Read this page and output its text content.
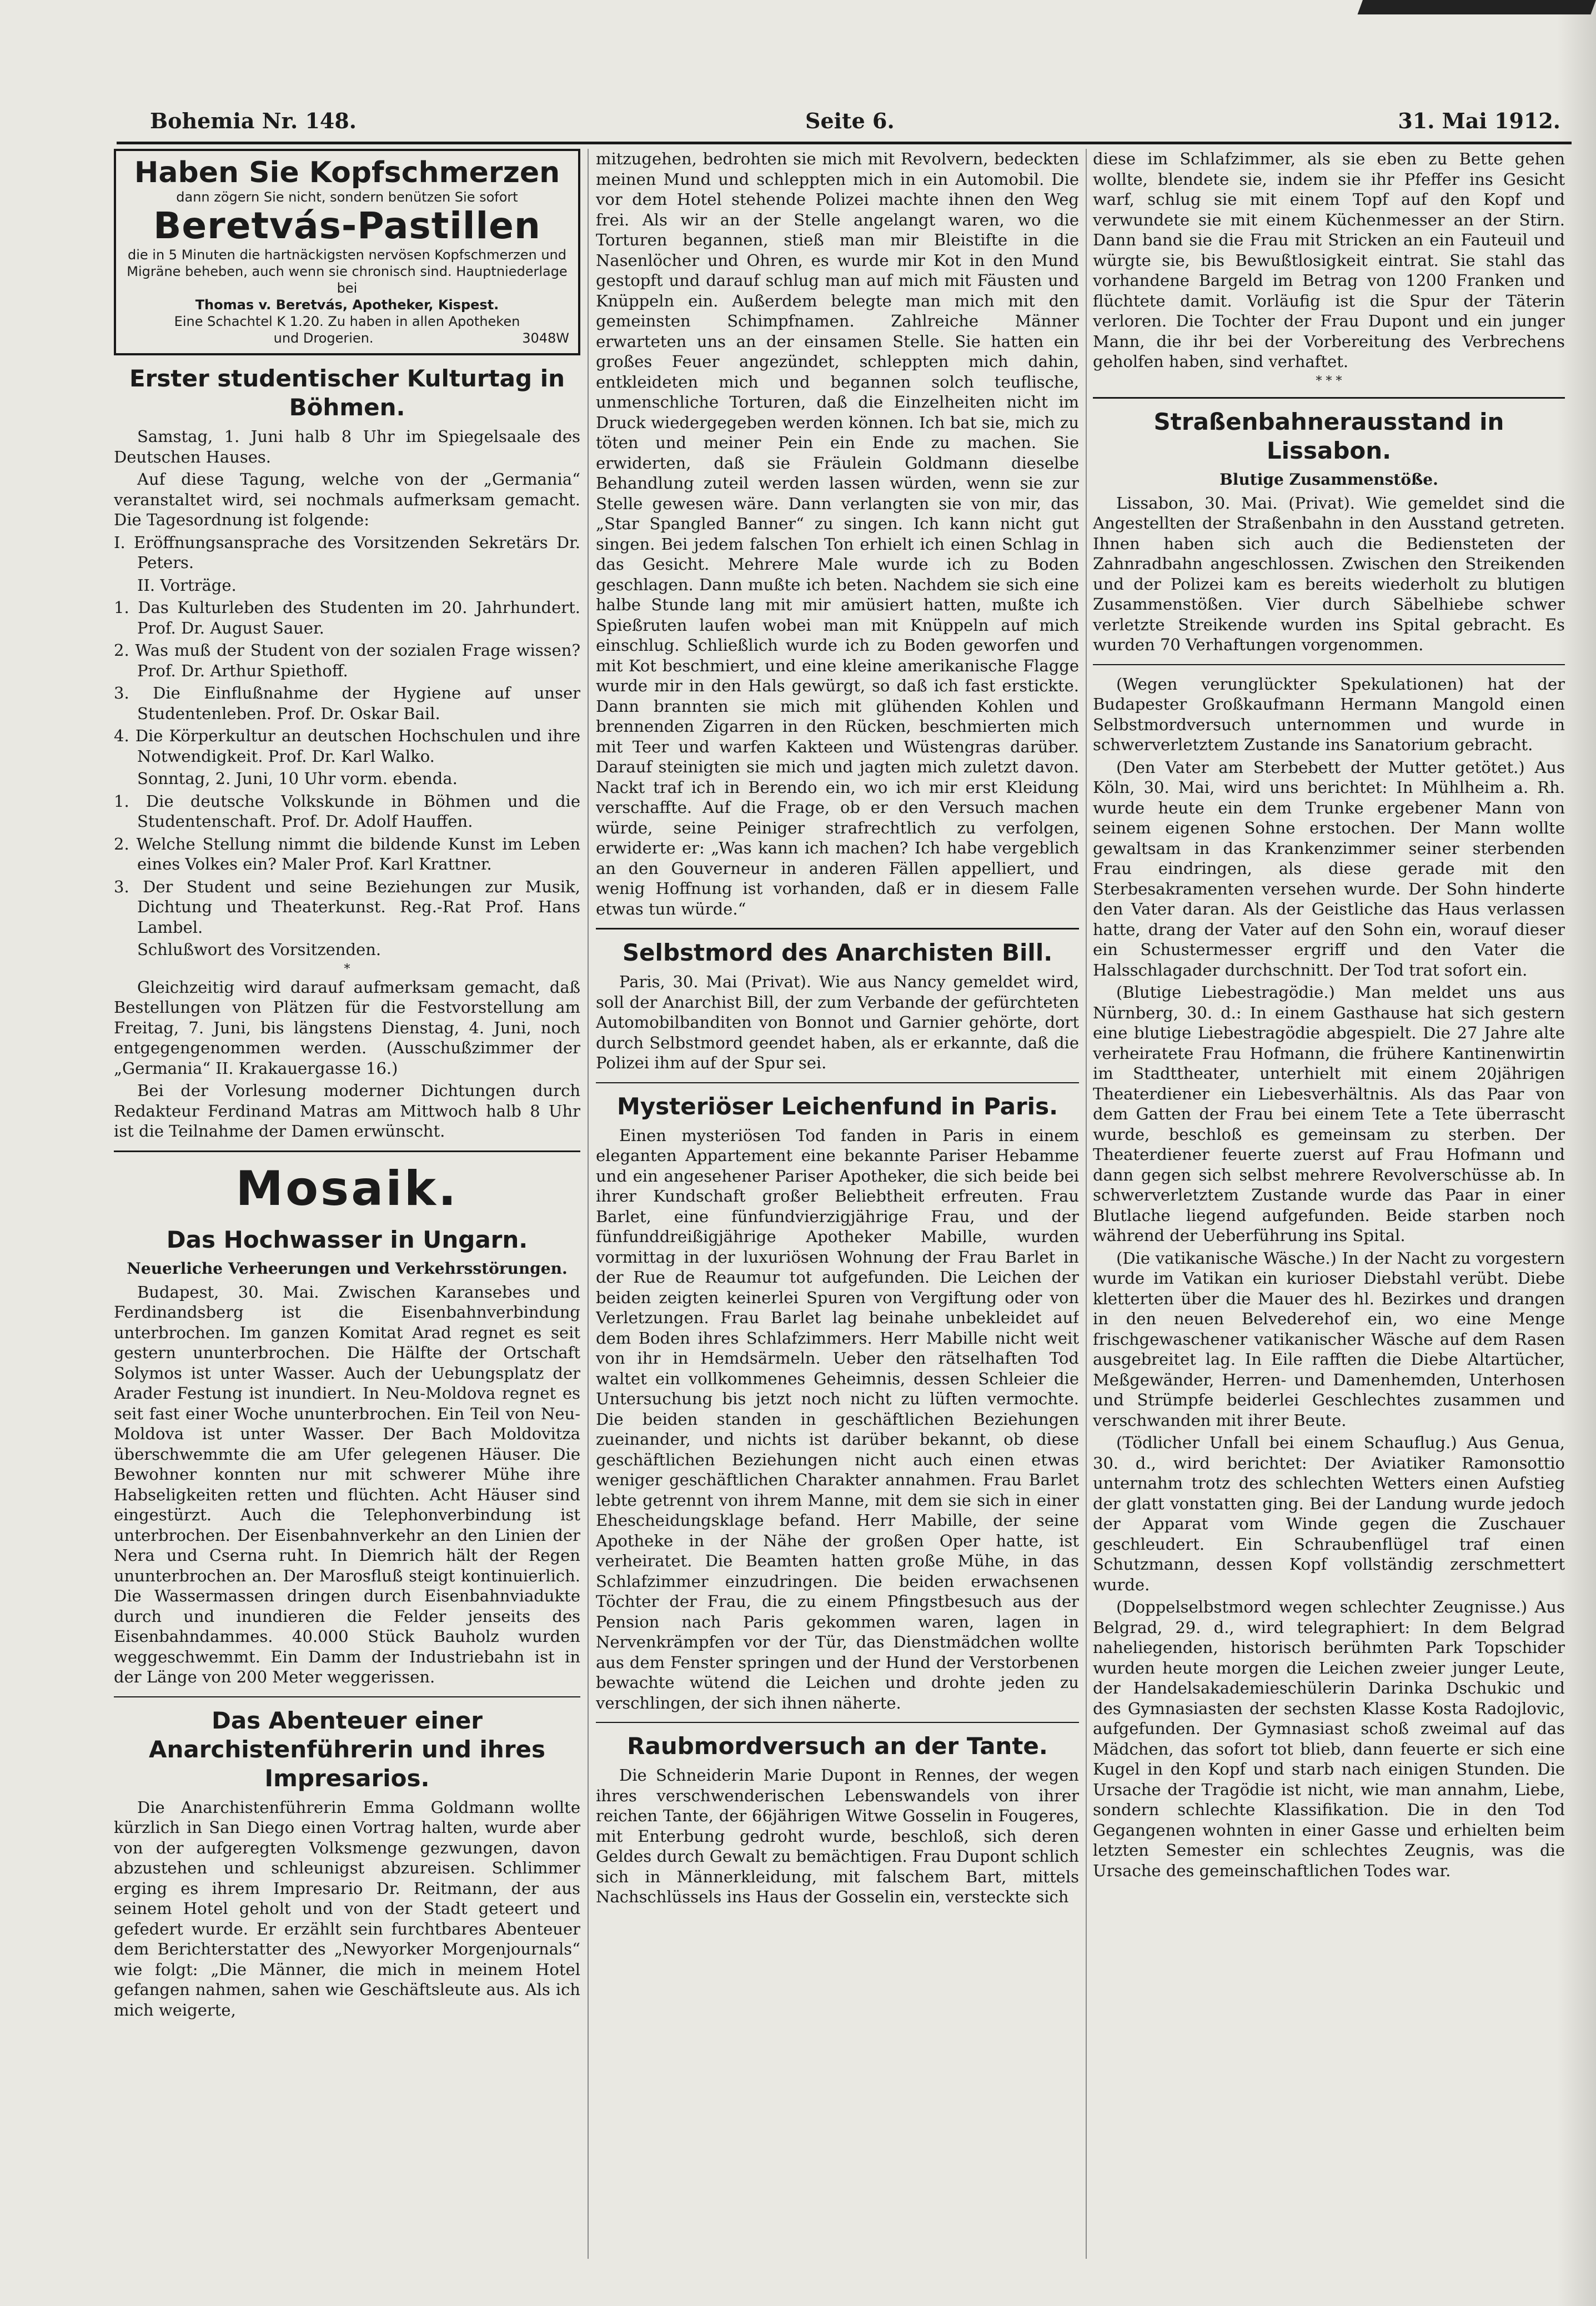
Bohemia Nr. 148.	Seite 6.	31. Mai 1912.
Haben Sie Kopfschmerzen
dann zögern Sie nicht, sondern benützen Sie sofort
Beretvás-Pastillen
die in 5 Minuten die hartnäckigsten nervösen Kopfschmerzen und Migräne beheben, auch wenn sie chronisch sind. Hauptniederlage bei
Thomas v. Beretvás, Apotheker, Kispest.
Eine Schachtel K 1.20. Zu haben in allen Apotheken
und Drogerien.	3048W
Erster studentischer Kulturtag in Böhmen.

Samstag, 1. Juni halb 8 Uhr im Spiegelsaale des Deutschen Hauses.

Auf diese Tagung, welche von der „Germania“ veranstaltet wird, sei nochmals aufmerksam gemacht. Die Tagesordnung ist folgende:

I. Eröffnungsansprache des Vorsitzenden Sekretärs Dr. Peters.

II. Vorträge.

1. Das Kulturleben des Studenten im 20. Jahrhundert. Prof. Dr. August Sauer.

2. Was muß der Student von der sozialen Frage wissen? Prof. Dr. Arthur Spiethoff.

3. Die Einflußnahme der Hygiene auf unser Studentenleben. Prof. Dr. Oskar Bail.

4. Die Körperkultur an deutschen Hochschulen und ihre Notwendigkeit. Prof. Dr. Karl Walko.

Sonntag, 2. Juni, 10 Uhr vorm. ebenda.

1. Die deutsche Volkskunde in Böhmen und die Studentenschaft. Prof. Dr. Adolf Hauffen.

2. Welche Stellung nimmt die bildende Kunst im Leben eines Volkes ein? Maler Prof. Karl Krattner.

3. Der Student und seine Beziehungen zur Musik, Dichtung und Theaterkunst. Reg.-Rat Prof. Hans Lambel.

Schlußwort des Vorsitzenden.

*

Gleichzeitig wird darauf aufmerksam gemacht, daß Bestellungen von Plätzen für die Festvorstellung am Freitag, 7. Juni, bis längstens Dienstag, 4. Juni, noch entgegengenommen werden. (Ausschußzimmer der „Germania“ II. Krakauergasse 16.)

Bei der Vorlesung moderner Dichtungen durch Redakteur Ferdinand Matras am Mittwoch halb 8 Uhr ist die Teilnahme der Damen erwünscht.

Mosaik.
Das Hochwasser in Ungarn.
Neuerliche Verheerungen und Verkehrsstörungen.

Budapest, 30. Mai. Zwischen Karansebes und Ferdinandsberg ist die Eisenbahnverbindung unterbrochen. Im ganzen Komitat Arad regnet es seit gestern ununterbrochen. Die Hälfte der Ortschaft Solymos ist unter Wasser. Auch der Uebungsplatz der Arader Festung ist inundiert. In Neu-Moldova regnet es seit fast einer Woche ununterbrochen. Ein Teil von Neu-Moldova ist unter Wasser. Der Bach Moldovitza überschwemmte die am Ufer gelegenen Häuser. Die Bewohner konnten nur mit schwerer Mühe ihre Habseligkeiten retten und flüchten. Acht Häuser sind eingestürzt. Auch die Telephonverbindung ist unterbrochen. Der Eisenbahnverkehr an den Linien der Nera und Cserna ruht. In Diemrich hält der Regen ununterbrochen an. Der Marosfluß steigt kontinuierlich. Die Wassermassen dringen durch Eisenbahnviadukte durch und inundieren die Felder jenseits des Eisenbahndammes. 40.000 Stück Bauholz wurden weggeschwemmt. Ein Damm der Industriebahn ist in der Länge von 200 Meter weggerissen.

Das Abenteuer einer Anarchistenführerin und ihres Impresarios.

Die Anarchistenführerin Emma Goldmann wollte kürzlich in San Diego einen Vortrag halten, wurde aber von der aufgeregten Volksmenge gezwungen, davon abzustehen und schleunigst abzureisen. Schlimmer erging es ihrem Impresario Dr. Reitmann, der aus seinem Hotel geholt und von der Stadt geteert und gefedert wurde. Er erzählt sein furchtbares Abenteuer dem Berichterstatter des „Newyorker Morgenjournals“ wie folgt: „Die Männer, die mich in meinem Hotel gefangen nahmen, sahen wie Geschäftsleute aus. Als ich mich weigerte,

mitzugehen, bedrohten sie mich mit Revolvern, bedeckten meinen Mund und schleppten mich in ein Automobil. Die vor dem Hotel stehende Polizei machte ihnen den Weg frei. Als wir an der Stelle angelangt waren, wo die Torturen begannen, stieß man mir Bleistifte in die Nasenlöcher und Ohren, es wurde mir Kot in den Mund gestopft und darauf schlug man auf mich mit Fäusten und Knüppeln ein. Außerdem belegte man mich mit den gemeinsten Schimpfnamen. Zahlreiche Männer erwarteten uns an der einsamen Stelle. Sie hatten ein großes Feuer angezündet, schleppten mich dahin, entkleideten mich und begannen solch teuflische, unmenschliche Torturen, daß die Einzelheiten nicht im Druck wiedergegeben werden können. Ich bat sie, mich zu töten und meiner Pein ein Ende zu machen. Sie erwiderten, daß sie Fräulein Goldmann dieselbe Behandlung zuteil werden lassen würden, wenn sie zur Stelle gewesen wäre. Dann verlangten sie von mir, das „Star Spangled Banner“ zu singen. Ich kann nicht gut singen. Bei jedem falschen Ton erhielt ich einen Schlag in das Gesicht. Mehrere Male wurde ich zu Boden geschlagen. Dann mußte ich beten. Nachdem sie sich eine halbe Stunde lang mit mir amüsiert hatten, mußte ich Spießruten laufen wobei man mit Knüppeln auf mich einschlug. Schließlich wurde ich zu Boden geworfen und mit Kot beschmiert, und eine kleine amerikanische Flagge wurde mir in den Hals gewürgt, so daß ich fast erstickte. Dann brannten sie mich mit glühenden Kohlen und brennenden Zigarren in den Rücken, beschmierten mich mit Teer und warfen Kakteen und Wüstengras darüber. Darauf steinigten sie mich und jagten mich zuletzt davon. Nackt traf ich in Berendo ein, wo ich mir erst Kleidung verschaffte. Auf die Frage, ob er den Versuch machen würde, seine Peiniger strafrechtlich zu verfolgen, erwiderte er: „Was kann ich machen? Ich habe vergeblich an den Gouverneur in anderen Fällen appelliert, und wenig Hoffnung ist vorhanden, daß er in diesem Falle etwas tun würde.“

Selbstmord des Anarchisten Bill.

Paris, 30. Mai (Privat). Wie aus Nancy gemeldet wird, soll der Anarchist Bill, der zum Verbande der gefürchteten Automobilbanditen von Bonnot und Garnier gehörte, dort durch Selbstmord geendet haben, als er erkannte, daß die Polizei ihm auf der Spur sei.

Mysteriöser Leichenfund in Paris.

Einen mysteriösen Tod fanden in Paris in einem eleganten Appartement eine bekannte Pariser Hebamme und ein angesehener Pariser Apotheker, die sich beide bei ihrer Kundschaft großer Beliebtheit erfreuten. Frau Barlet, eine fünfundvierzigjährige Frau, und der fünfunddreißigjährige Apotheker Mabille, wurden vormittag in der luxuriösen Wohnung der Frau Barlet in der Rue de Reaumur tot aufgefunden. Die Leichen der beiden zeigten keinerlei Spuren von Vergiftung oder von Verletzungen. Frau Barlet lag beinahe unbekleidet auf dem Boden ihres Schlafzimmers. Herr Mabille nicht weit von ihr in Hemdsärmeln. Ueber den rätselhaften Tod waltet ein vollkommenes Geheimnis, dessen Schleier die Untersuchung bis jetzt noch nicht zu lüften vermochte. Die beiden standen in geschäftlichen Beziehungen zueinander, und nichts ist darüber bekannt, ob diese geschäftlichen Beziehungen nicht auch einen etwas weniger geschäftlichen Charakter annahmen. Frau Barlet lebte getrennt von ihrem Manne, mit dem sie sich in einer Ehescheidungsklage befand. Herr Mabille, der seine Apotheke in der Nähe der großen Oper hatte, ist verheiratet. Die Beamten hatten große Mühe, in das Schlafzimmer einzudringen. Die beiden erwachsenen Töchter der Frau, die zu einem Pfingstbesuch aus der Pension nach Paris gekommen waren, lagen in Nervenkrämpfen vor der Tür, das Dienstmädchen wollte aus dem Fenster springen und der Hund der Verstorbenen bewachte wütend die Leichen und drohte jeden zu verschlingen, der sich ihnen näherte.

Raubmordversuch an der Tante.

Die Schneiderin Marie Dupont in Rennes, der wegen ihres verschwenderischen Lebenswandels von ihrer reichen Tante, der 66jährigen Witwe Gosselin in Fougeres, mit Enterbung gedroht wurde, beschloß, sich deren Geldes durch Gewalt zu bemächtigen. Frau Dupont schlich sich in Männerkleidung, mit falschem Bart, mittels Nachschlüssels ins Haus der Gosselin ein, versteckte sich

diese im Schlafzimmer, als sie eben zu Bette gehen wollte, blendete sie, indem sie ihr Pfeffer ins Gesicht warf, schlug sie mit einem Topf auf den Kopf und verwundete sie mit einem Küchenmesser an der Stirn. Dann band sie die Frau mit Stricken an ein Fauteuil und würgte sie, bis Bewußtlosigkeit eintrat. Sie stahl das vorhandene Bargeld im Betrag von 1200 Franken und flüchtete damit. Vorläufig ist die Spur der Täterin verloren. Die Tochter der Frau Dupont und ein junger Mann, die ihr bei der Vorbereitung des Verbrechens geholfen haben, sind verhaftet.

* * *
Straßenbahnerausstand in Lissabon.
Blutige Zusammenstöße.

Lissabon, 30. Mai. (Privat). Wie gemeldet sind die Angestellten der Straßenbahn in den Ausstand getreten. Ihnen haben sich auch die Bediensteten der Zahnradbahn angeschlossen. Zwischen den Streikenden und der Polizei kam es bereits wiederholt zu blutigen Zusammenstößen. Vier durch Säbelhiebe schwer verletzte Streikende wurden ins Spital gebracht. Es wurden 70 Verhaftungen vorgenommen.

(Wegen verunglückter Spekulationen) hat der Budapester Großkaufmann Hermann Mangold einen Selbstmordversuch unternommen und wurde in schwerverletztem Zustande ins Sanatorium gebracht.

(Den Vater am Sterbebett der Mutter getötet.) Aus Köln, 30. Mai, wird uns berichtet: In Mühlheim a. Rh. wurde heute ein dem Trunke ergebener Mann von seinem eigenen Sohne erstochen. Der Mann wollte gewaltsam in das Krankenzimmer seiner sterbenden Frau eindringen, als diese gerade mit den Sterbesakramenten versehen wurde. Der Sohn hinderte den Vater daran. Als der Geistliche das Haus verlassen hatte, drang der Vater auf den Sohn ein, worauf dieser ein Schustermesser ergriff und den Vater die Halsschlagader durchschnitt. Der Tod trat sofort ein.

(Blutige Liebestragödie.) Man meldet uns aus Nürnberg, 30. d.: In einem Gasthause hat sich gestern eine blutige Liebestragödie abgespielt. Die 27 Jahre alte verheiratete Frau Hofmann, die frühere Kantinenwirtin im Stadttheater, unterhielt mit einem 20jährigen Theaterdiener ein Liebesverhältnis. Als das Paar von dem Gatten der Frau bei einem Tete a Tete überrascht wurde, beschloß es gemeinsam zu sterben. Der Theaterdiener feuerte zuerst auf Frau Hofmann und dann gegen sich selbst mehrere Revolverschüsse ab. In schwerverletztem Zustande wurde das Paar in einer Blutlache liegend aufgefunden. Beide starben noch während der Ueberführung ins Spital.

(Die vatikanische Wäsche.) In der Nacht zu vorgestern wurde im Vatikan ein kurioser Diebstahl verübt. Diebe kletterten über die Mauer des hl. Bezirkes und drangen in den neuen Belvederehof ein, wo eine Menge frischgewaschener vatikanischer Wäsche auf dem Rasen ausgebreitet lag. In Eile rafften die Diebe Altartücher, Meßgewänder, Herren- und Damenhemden, Unterhosen und Strümpfe beiderlei Geschlechtes zusammen und verschwanden mit ihrer Beute.

(Tödlicher Unfall bei einem Schauflug.) Aus Genua, 30. d., wird berichtet: Der Aviatiker Ramonsottio unternahm trotz des schlechten Wetters einen Aufstieg der glatt vonstatten ging. Bei der Landung wurde jedoch der Apparat vom Winde gegen die Zuschauer geschleudert. Ein Schraubenflügel traf einen Schutzmann, dessen Kopf vollständig zerschmettert wurde.

(Doppelselbstmord wegen schlechter Zeugnisse.) Aus Belgrad, 29. d., wird telegraphiert: In dem Belgrad naheliegenden, historisch berühmten Park Topschider wurden heute morgen die Leichen zweier junger Leute, der Handelsakademieschülerin Darinka Dschukic und des Gymnasiasten der sechsten Klasse Kosta Radojlovic, aufgefunden. Der Gymnasiast schoß zweimal auf das Mädchen, das sofort tot blieb, dann feuerte er sich eine Kugel in den Kopf und starb nach einigen Stunden. Die Ursache der Tragödie ist nicht, wie man annahm, Liebe, sondern schlechte Klassifikation. Die in den Tod Gegangenen wohnten in einer Gasse und erhielten beim letzten Semester ein schlechtes Zeugnis, was die Ursache des gemeinschaftlichen Todes war.
